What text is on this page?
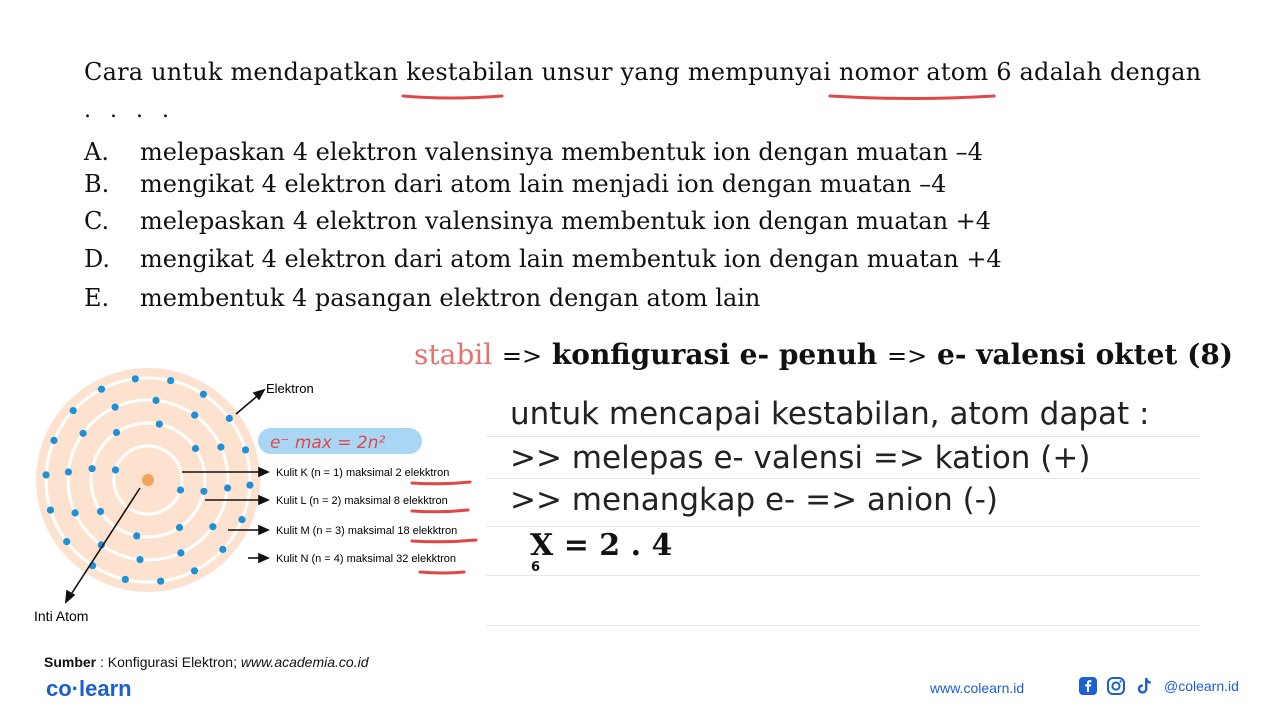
Cara untuk mendapatkan kestabilan unsur yang mempunyai nomor atom 6 adalah dengan
. . . .
A. melepaskan 4 elektron valensinya membentuk ion dengan muatan –4
B. mengikat 4 elektron dari atom lain menjadi ion dengan muatan –4
C. melepaskan 4 elektron valensinya membentuk ion dengan muatan +4
D. mengikat 4 elektron dari atom lain membentuk ion dengan muatan +4
E. membentuk 4 pasangan elektron dengan atom lain
stabil => konfigurasi e- penuh => e- valensi oktet (8)
untuk mencapai kestabilan, atom dapat :
>> melepas e- valensi => kation (+)
>> menangkap e- => anion (-)
X = 2 . 4
6
Elektron
Kulit K (n = 1) maksimal 2 elekktron
Kulit L (n = 2) maksimal 8 elekktron
Kulit M (n = 3) maksimal 18 elekktron
Kulit N (n = 4) maksimal 32 elekktron
Inti Atom
e⁻ max = 2n²
Sumber : Konfigurasi Elektron; www.academia.co.id
co·learn	www.colearn.id	@colearn.id
